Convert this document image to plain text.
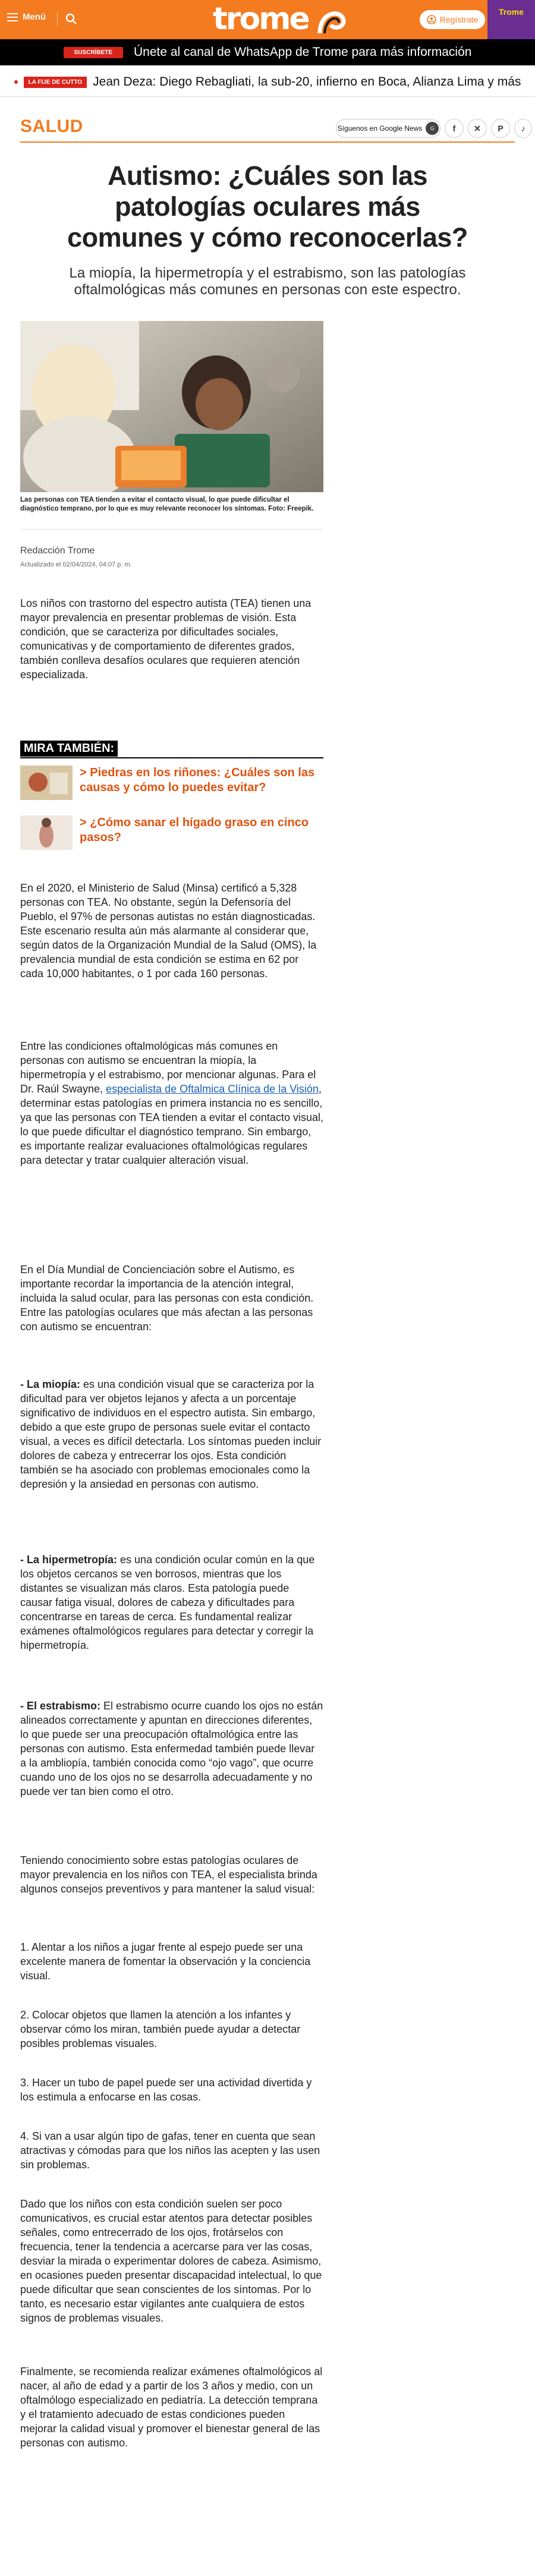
Menú	trome	Regístrate
Trome
SUSCRÍBETE	Únete al canal de WhatsApp de Trome para más información
LA FIJE DE CUTTO Jean Deza: Diego Rebagliati, la sub-20, infierno en Boca, Alianza Lima y más
SALUD	Síguenos en Google News	G	f	✕	P	♪
Autismo: ¿Cuáles son las patologías oculares más comunes y cómo reconocerlas?
La miopía, la hipermetropía y el estrabismo, son las patologías oftalmológicas más comunes en personas con este espectro.
Las personas con TEA tienden a evitar el contacto visual, lo que puede dificultar el diagnóstico temprano, por lo que es muy relevante reconocer los síntomas. Foto: Freepik.
Redacción Trome
Actualizado el 02/04/2024, 04:07 p. m.

Los niños con trastorno del espectro autista (TEA) tienen una mayor prevalencia en presentar problemas de visión. Esta condición, que se caracteriza por dificultades sociales, comunicativas y de comportamiento de diferentes grados, también conlleva desafíos oculares que requieren atención especializada.

MIRA TAMBIÉN:
> Piedras en los riñones: ¿Cuáles son las causas y cómo lo puedes evitar?
> ¿Cómo sanar el hígado graso en cinco pasos?

En el 2020, el Ministerio de Salud (Minsa) certificó a 5,328 personas con TEA. No obstante, según la Defensoría del Pueblo, el 97% de personas autistas no están diagnosticadas. Este escenario resulta aún más alarmante al considerar que, según datos de la Organización Mundial de la Salud (OMS), la prevalencia mundial de esta condición se estima en 62 por cada 10,000 habitantes, o 1 por cada 160 personas.

Entre las condiciones oftalmológicas más comunes en personas con autismo se encuentran la miopía, la hipermetropía y el estrabismo, por mencionar algunas. Para el Dr. Raúl Swayne, especialista de Oftalmica Clínica de la Visión, determinar estas patologías en primera instancia no es sencillo, ya que las personas con TEA tienden a evitar el contacto visual, lo que puede dificultar el diagnóstico temprano. Sin embargo, es importante realizar evaluaciones oftalmológicas regulares para detectar y tratar cualquier alteración visual.

En el Día Mundial de Concienciación sobre el Autismo, es importante recordar la importancia de la atención integral, incluida la salud ocular, para las personas con esta condición. Entre las patologías oculares que más afectan a las personas con autismo se encuentran:

- La miopía: es una condición visual que se caracteriza por la dificultad para ver objetos lejanos y afecta a un porcentaje significativo de individuos en el espectro autista. Sin embargo, debido a que este grupo de personas suele evitar el contacto visual, a veces es difícil detectarla. Los síntomas pueden incluir dolores de cabeza y entrecerrar los ojos. Esta condición también se ha asociado con problemas emocionales como la depresión y la ansiedad en personas con autismo.

- La hipermetropía: es una condición ocular común en la que los objetos cercanos se ven borrosos, mientras que los distantes se visualizan más claros. Esta patología puede causar fatiga visual, dolores de cabeza y dificultades para concentrarse en tareas de cerca. Es fundamental realizar exámenes oftalmológicos regulares para detectar y corregir la hipermetropía.

- El estrabismo: El estrabismo ocurre cuando los ojos no están alineados correctamente y apuntan en direcciones diferentes, lo que puede ser una preocupación oftalmológica entre las personas con autismo. Esta enfermedad también puede llevar a la ambliopía, también conocida como “ojo vago”, que ocurre cuando uno de los ojos no se desarrolla adecuadamente y no puede ver tan bien como el otro.

Teniendo conocimiento sobre estas patologías oculares de mayor prevalencia en los niños con TEA, el especialista brinda algunos consejos preventivos y para mantener la salud visual:

1. Alentar a los niños a jugar frente al espejo puede ser una excelente manera de fomentar la observación y la conciencia visual.

2. Colocar objetos que llamen la atención a los infantes y observar cómo los miran, también puede ayudar a detectar posibles problemas visuales.

3. Hacer un tubo de papel puede ser una actividad divertida y los estimula a enfocarse en las cosas.

4. Si van a usar algún tipo de gafas, tener en cuenta que sean atractivas y cómodas para que los niños las acepten y las usen sin problemas.

Dado que los niños con esta condición suelen ser poco comunicativos, es crucial estar atentos para detectar posibles señales, como entrecerrado de los ojos, frotárselos con frecuencia, tener la tendencia a acercarse para ver las cosas, desviar la mirada o experimentar dolores de cabeza. Asimismo, en ocasiones pueden presentar discapacidad intelectual, lo que puede dificultar que sean conscientes de los síntomas. Por lo tanto, es necesario estar vigilantes ante cualquiera de estos signos de problemas visuales.

Finalmente, se recomienda realizar exámenes oftalmológicos al nacer, al año de edad y a partir de los 3 años y medio, con un oftalmólogo especializado en pediatría. La detección temprana y el tratamiento adecuado de estas condiciones pueden mejorar la calidad visual y promover el bienestar general de las personas con autismo.
